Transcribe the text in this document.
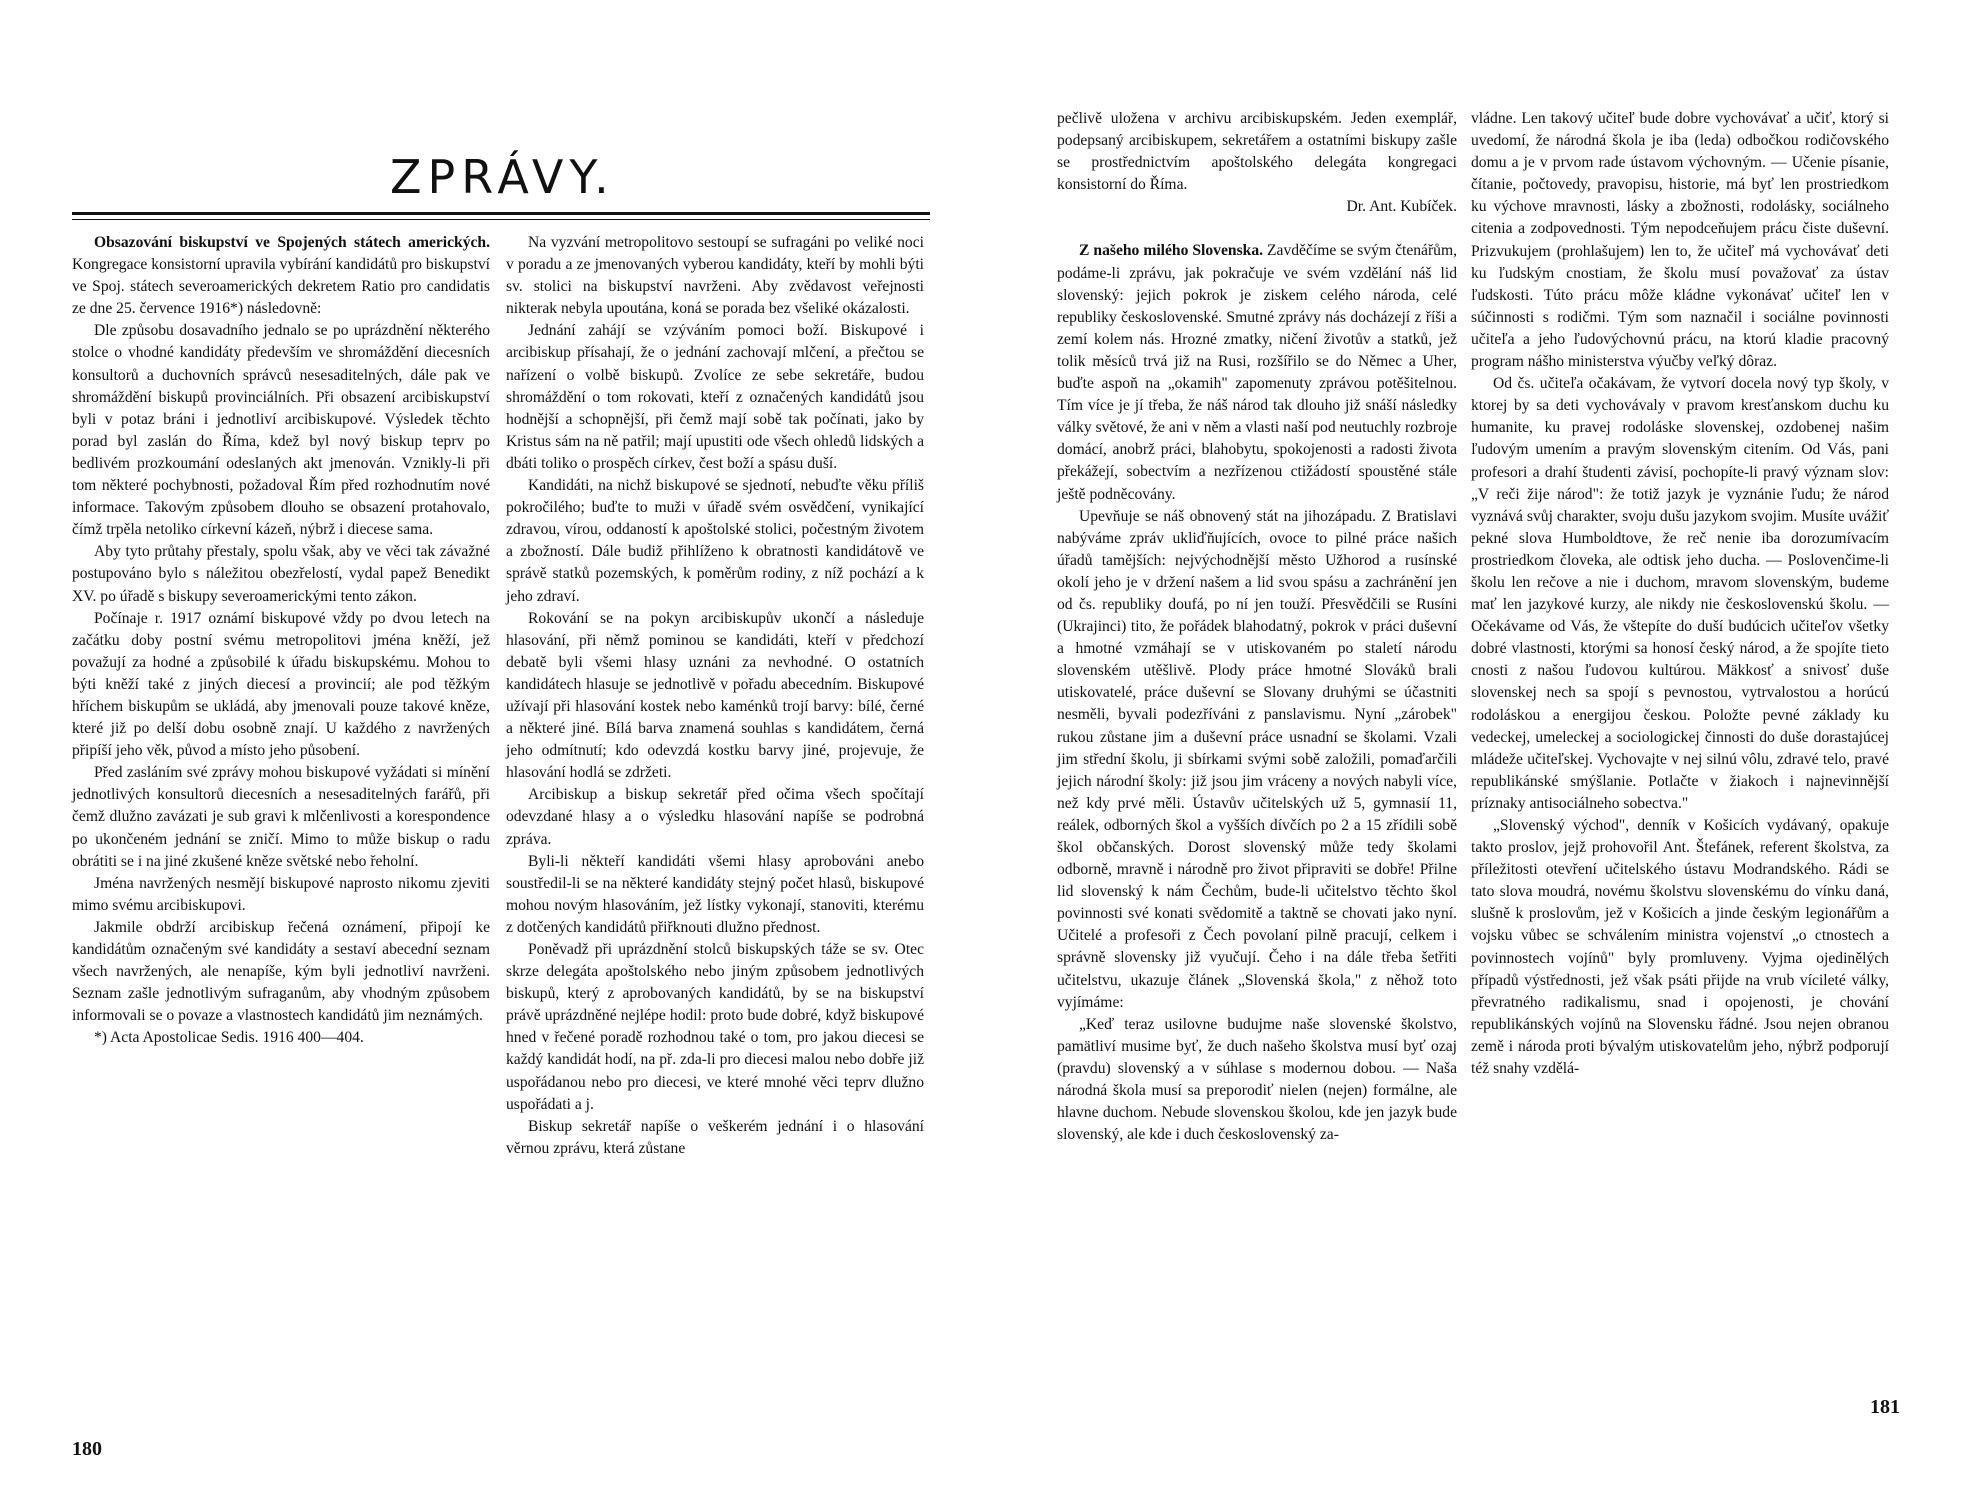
ZPRÁVY.

Obsazování biskupství ve Spojených státech amerických. Kongregace konsistorní upravila vybírání kandidátů pro biskupství ve Spoj. státech severoamerických dekretem Ratio pro candidatis ze dne 25. července 1916*) následovně:

Dle způsobu dosavadního jednalo se po uprázdnění některého stolce o vhodné kandidáty především ve shromáždění diecesních konsultorů a duchovních správců nesesaditelných, dále pak ve shromáždění biskupů provinciálních. Při obsazení arcibiskupství byli v potaz bráni i jednotliví arcibiskupové. Výsledek těchto porad byl zaslán do Říma, kdež byl nový biskup teprv po bedlivém prozkoumání odeslaných akt jmenován. Vznikly-li při tom některé pochybnosti, požadoval Řím před rozhodnutím nové informace. Takovým způsobem dlouho se obsazení protahovalo, čímž trpěla netoliko církevní kázeň, nýbrž i diecese sama.

Aby tyto průtahy přestaly, spolu však, aby ve věci tak závažné postupováno bylo s náležitou obezřelostí, vydal papež Benedikt XV. po úřadě s biskupy severoamerickými tento zákon.

Počínaje r. 1917 oznámí biskupové vždy po dvou letech na začátku doby postní svému metropolitovi jména kněží, jež považují za hodné a způsobilé k úřadu biskupskému. Mohou to býti kněží také z jiných diecesí a provincií; ale pod těžkým hříchem biskupům se ukládá, aby jmenovali pouze takové kněze, které již po delší dobu osobně znají. U každého z navržených připíší jeho věk, původ a místo jeho působení.

Před zasláním své zprávy mohou biskupové vyžádati si mínění jednotlivých konsultorů diecesních a nesesaditelných farářů, při čemž dlužno zavázati je sub gravi k mlčenlivosti a korespondence po ukončeném jednání se zničí. Mimo to může biskup o radu obrátiti se i na jiné zkušené kněze světské nebo řeholní.

Jména navržených nesmějí biskupové naprosto nikomu zjeviti mimo svému arcibiskupovi.

Jakmile obdrží arcibiskup řečená oznámení, připojí ke kandidátům označeným své kandidáty a sestaví abecední seznam všech navržených, ale nenapíše, kým byli jednotliví navrženi. Seznam zašle jednotlivým sufraganům, aby vhodným způsobem informovali se o povaze a vlastnostech kandidátů jim neznámých.

*) Acta Apostolicae Sedis. 1916 400—404.

Na vyzvání metropolitovo sestoupí se sufragáni po veliké noci v poradu a ze jmenovaných vyberou kandidáty, kteří by mohli býti sv. stolici na biskupství navrženi. Aby zvědavost veřejnosti nikterak nebyla upoutána, koná se porada bez všeliké okázalosti.

Jednání zahájí se vzýváním pomoci boží. Biskupové i arcibiskup přísahají, že o jednání zachovají mlčení, a přečtou se nařízení o volbě biskupů. Zvolíce ze sebe sekretáře, budou shromáždění o tom rokovati, kteří z označených kandidátů jsou hodnější a schopnější, při čemž mají sobě tak počínati, jako by Kristus sám na ně patřil; mají upustiti ode všech ohledů lidských a dbáti toliko o prospěch církev, čest boží a spásu duší.

Kandidáti, na nichž biskupové se sjednotí, nebuďte věku příliš pokročilého; buďte to muži v úřadě svém osvědčení, vynikající zdravou, vírou, oddaností k apoštolské stolici, počestným životem a zbožností. Dále budiž přihlíženo k obratnosti kandidátově ve správě statků pozemských, k poměrům rodiny, z níž pochází a k jeho zdraví.

Rokování se na pokyn arcibiskupův ukončí a následuje hlasování, při němž pominou se kandidáti, kteří v předchozí debatě byli všemi hlasy uznáni za nevhodné. O ostatních kandidátech hlasuje se jednotlivě v pořadu abecedním. Biskupové užívají při hlasování kostek nebo kaménků trojí barvy: bílé, černé a některé jiné. Bílá barva znamená souhlas s kandidátem, černá jeho odmítnutí; kdo odevzdá kostku barvy jiné, projevuje, že hlasování hodlá se zdržeti.

Arcibiskup a biskup sekretář před očima všech spočítají odevzdané hlasy a o výsledku hlasování napíše se podrobná zpráva.

Byli-li někteří kandidáti všemi hlasy aprobováni anebo soustředil-li se na některé kandidáty stejný počet hlasů, biskupové mohou novým hlasováním, jež lístky vykonají, stanoviti, kterému z dotčených kandidátů přiřknouti dlužno přednost.

Poněvadž při uprázdnění stolců biskupských táže se sv. Otec skrze delegáta apoštolského nebo jiným způsobem jednotlivých biskupů, který z aprobovaných kandidátů, by se na biskupství právě uprázdněné nejlépe hodil: proto bude dobré, když biskupové hned v řečené poradě rozhodnou také o tom, pro jakou diecesi se každý kandidát hodí, na př. zda-li pro diecesi malou nebo dobře již uspořádanou nebo pro diecesi, ve které mnohé věci teprv dlužno uspořádati a j.

Biskup sekretář napíše o veškerém jednání i o hlasování věrnou zprávu, která zůstane

180

pečlivě uložena v archivu arcibiskupském. Jeden exemplář, podepsaný arcibiskupem, sekretářem a ostatními biskupy zašle se prostřednictvím apoštolského delegáta kongregaci konsistorní do Říma.
Dr. Ant. Kubíček.

Z našeho milého Slovenska. Zavděčíme se svým čtenářům, podáme-li zprávu, jak pokračuje ve svém vzdělání náš lid slovenský: jejich pokrok je ziskem celého národa, celé republiky československé. Smutné zprávy nás docházejí z říši a zemí kolem nás. Hrozné zmatky, ničení životův a statků, jež tolik měsíců trvá již na Rusi, rozšířilo se do Němec a Uher, buďte aspoň na „okamih" zapomenuty zprávou potěšitelnou. Tím více je jí třeba, že náš národ tak dlouho již snáší následky války světové, že ani v něm a vlasti naší pod neutuchly rozbroje domácí, anobrž práci, blahobytu, spokojenosti a radosti života překážejí, sobectvím a nezřízenou ctižádostí spoustěné stále ještě podněcovány.

Upevňuje se náš obnovený stát na jihozápadu. Z Bratislavi nabýváme zpráv ukliďňujících, ovoce to pilné práce našich úřadů tamějších: nejvýchodnější město Užhorod a rusínské okolí jeho je v držení našem a lid svou spásu a zachránění jen od čs. republiky doufá, po ní jen touží. Přesvědčili se Rusíni (Ukrajinci) tito, že pořádek blahodatný, pokrok v práci duševní a hmotné vzmáhají se v utiskovaném po staletí národu slovenském utěšlivě. Plody práce hmotné Slováků brali utiskovatelé, práce duševní se Slovany druhými se účastniti nesměli, byvali podezříváni z panslavismu. Nyní „zárobek" rukou zůstane jim a duševní práce usnadní se školami. Vzali jim střední školu, ji sbírkami svými sobě založili, pomaďarčili jejich národní školy: již jsou jim vráceny a nových nabyli více, než kdy prvé měli. Ústavův učitelských už 5, gymnasií 11, reálek, odborných škol a vyšších dívčích po 2 a 15 zřídili sobě škol občanských. Dorost slovenský může tedy školami odborně, mravně i národně pro život připraviti se dobře! Přilne lid slovenský k nám Čechům, bude-li učitelstvo těchto škol povinnosti své konati svědomitě a taktně se chovati jako nyní. Učitelé a profesoři z Čech povolaní pilně pracují, celkem i správně slovensky již vyučují. Čeho i na dále třeba šetřiti učitelstvu, ukazuje článek „Slovenská škola," z něhož toto vyjímáme:

„Keď teraz usilovne budujme naše slovenské školstvo, pamätliví musime byť, že duch našeho školstva musí byť ozaj (pravdu) slovenský a v súhlase s modernou dobou. — Naša národná škola musí sa preporodiť nielen (nejen) formálne, ale hlavne duchom. Nebude slovenskou školou, kde jen jazyk bude slovenský, ale kde i duch československý za-

vládne. Len takový učiteľ bude dobre vychovávať a učiť, ktorý si uvedomí, že národná škola je iba (leda) odbočkou rodičovského domu a je v prvom rade ústavom výchovným. — Učenie písanie, čítanie, počtovedy, pravopisu, historie, má byť len prostriedkom ku výchove mravnosti, lásky a zbožnosti, rodolásky, sociálneho citenia a zodpovednosti. Tým nepodceňujem prácu čiste duševní. Prizvukujem (prohlašujem) len to, že učiteľ má vychovávať deti ku ľudským cnostiam, že školu musí považovať za ústav ľudskosti. Túto prácu môže kládne vykonávať učiteľ len v súčinnosti s rodičmi. Tým som naznačil i sociálne povinnosti učiteľa a jeho ľudovýchovnú prácu, na ktorú kladie pracovný program nášho ministerstva výučby veľký dôraz.

Od čs. učiteľa očakávam, že vytvorí docela nový typ školy, v ktorej by sa deti vychovávaly v pravom kresťanskom duchu ku humanite, ku pravej rodoláske slovenskej, ozdobenej našim ľudovým umením a pravým slovenským citením. Od Vás, pani profesori a drahí študenti závisí, pochopíte-li pravý význam slov: „V reči žije národ": že totiž jazyk je vyznánie ľudu; že národ vyznává svůj charakter, svoju dušu jazykom svojim. Musíte uvážiť pekné slova Humboldtove, že reč nenie iba dorozumívacím prostriedkom človeka, ale odtisk jeho ducha. — Poslovenčime-li školu len rečove a nie i duchom, mravom slovenským, budeme mať len jazykové kurzy, ale nikdy nie československú školu. — Očekávame od Vás, že vštepíte do duší budúcich učiteľov všetky dobré vlastnosti, ktorými sa honosí český národ, a že spojíte tieto cnosti z našou ľudovou kultúrou. Mäkkosť a snivosť duše slovenskej nech sa spojí s pevnostou, vytrvalostou a horúcú rodoláskou a energijou českou. Položte pevné základy ku vedeckej, umeleckej a sociologickej činnosti do duše dorastajúcej mládeže učiteľskej. Vychovajte v nej silnú vôlu, zdravé telo, pravé republikánské smýšlanie. Potlačte v žiakoch i najnevinnější príznaky antisociálneho sobectva."

„Slovenský východ", denník v Košicích vydávaný, opakuje takto proslov, jejž prohovořil Ant. Štefánek, referent školstva, za příležitosti otevření učitelského ústavu Modrandského. Rádi se tato slova moudrá, novému školstvu slovenskému do vínku daná, slušně k proslovům, jež v Košicích a jinde českým legionářům a vojsku vůbec se schválením ministra vojenství „o ctnostech a povinnostech vojínů" byly promluveny. Vyjma ojedinělých případů výstřednosti, jež však psáti přijde na vrub vícileté války, převratného radikalismu, snad i opojenosti, je chování republikánských vojínů na Slovensku řádné. Jsou nejen obranou země i národa proti bývalým utiskovatelům jeho, nýbrž podporují též snahy vzdělá-

181
